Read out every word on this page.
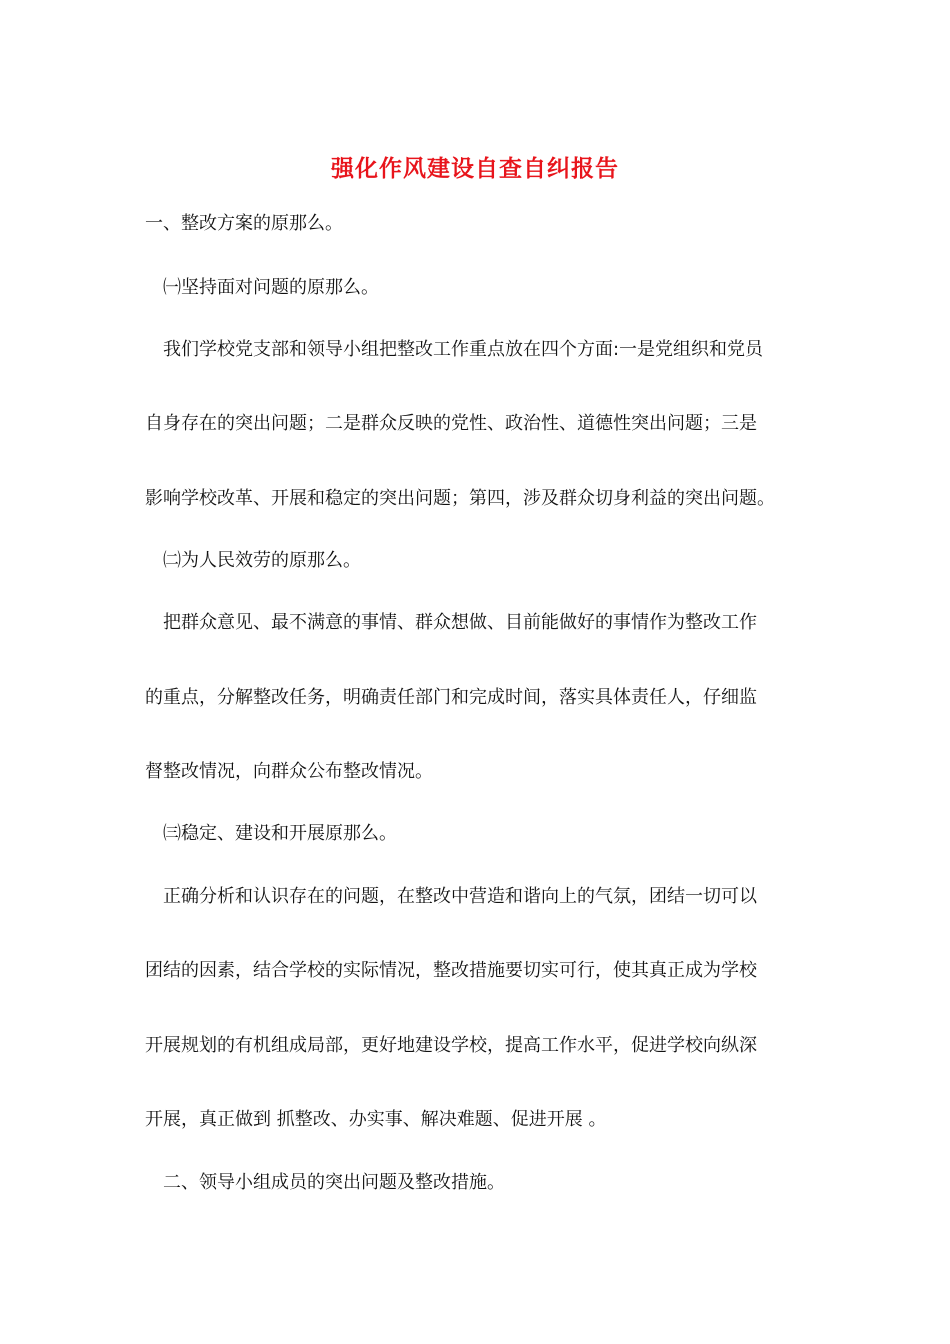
强化作风建设自查自纠报告
一、整改方案的原那么。
㈠坚持面对问题的原那么。
我们学校党支部和领导小组把整改工作重点放在四个方面:一是党组织和党员
自身存在的突出问题；二是群众反映的党性、政治性、道德性突出问题；三是
影响学校改革、开展和稳定的突出问题；第四，涉及群众切身利益的突出问题。
㈡为人民效劳的原那么。
把群众意见、最不满意的事情、群众想做、目前能做好的事情作为整改工作
的重点，分解整改任务，明确责任部门和完成时间，落实具体责任人，仔细监
督整改情况，向群众公布整改情况。
㈢稳定、建设和开展原那么。
正确分析和认识存在的问题，在整改中营造和谐向上的气氛，团结一切可以
团结的因素，结合学校的实际情况，整改措施要切实可行，使其真正成为学校
开展规划的有机组成局部，更好地建设学校，提高工作水平，促进学校向纵深
开展，真正做到 抓整改、办实事、解决难题、促进开展 。
二、领导小组成员的突出问题及整改措施。
